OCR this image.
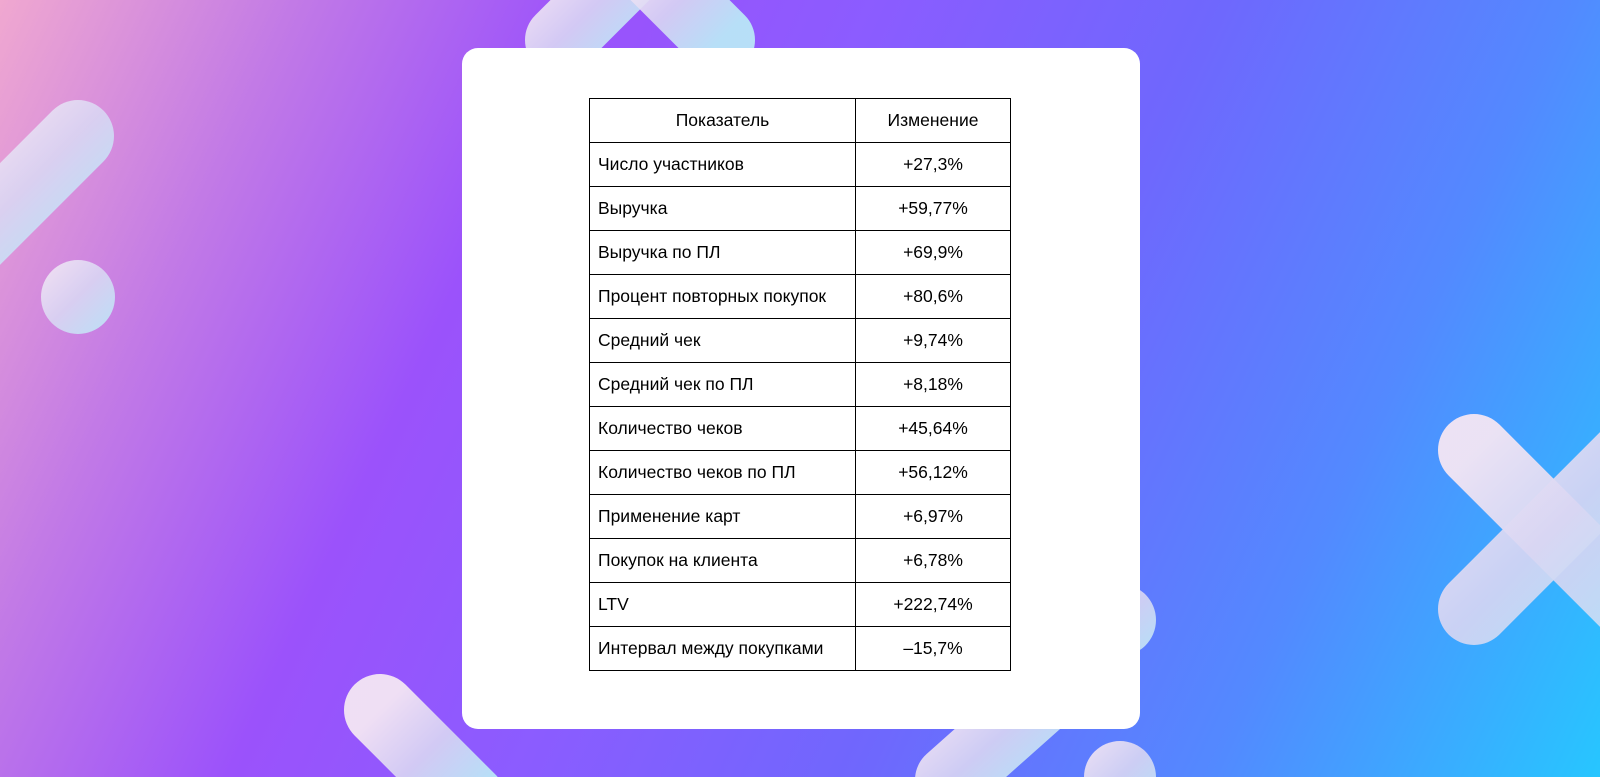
Показатель	Изменение
Число участников	+27,3%
Выручка	+59,77%
Выручка по ПЛ	+69,9%
Процент повторных покупок	+80,6%
Средний чек	+9,74%
Средний чек по ПЛ	+8,18%
Количество чеков	+45,64%
Количество чеков по ПЛ	+56,12%
Применение карт	+6,97%
Покупок на клиента	+6,78%
LTV	+222,74%
Интервал между покупками	–15,7%
